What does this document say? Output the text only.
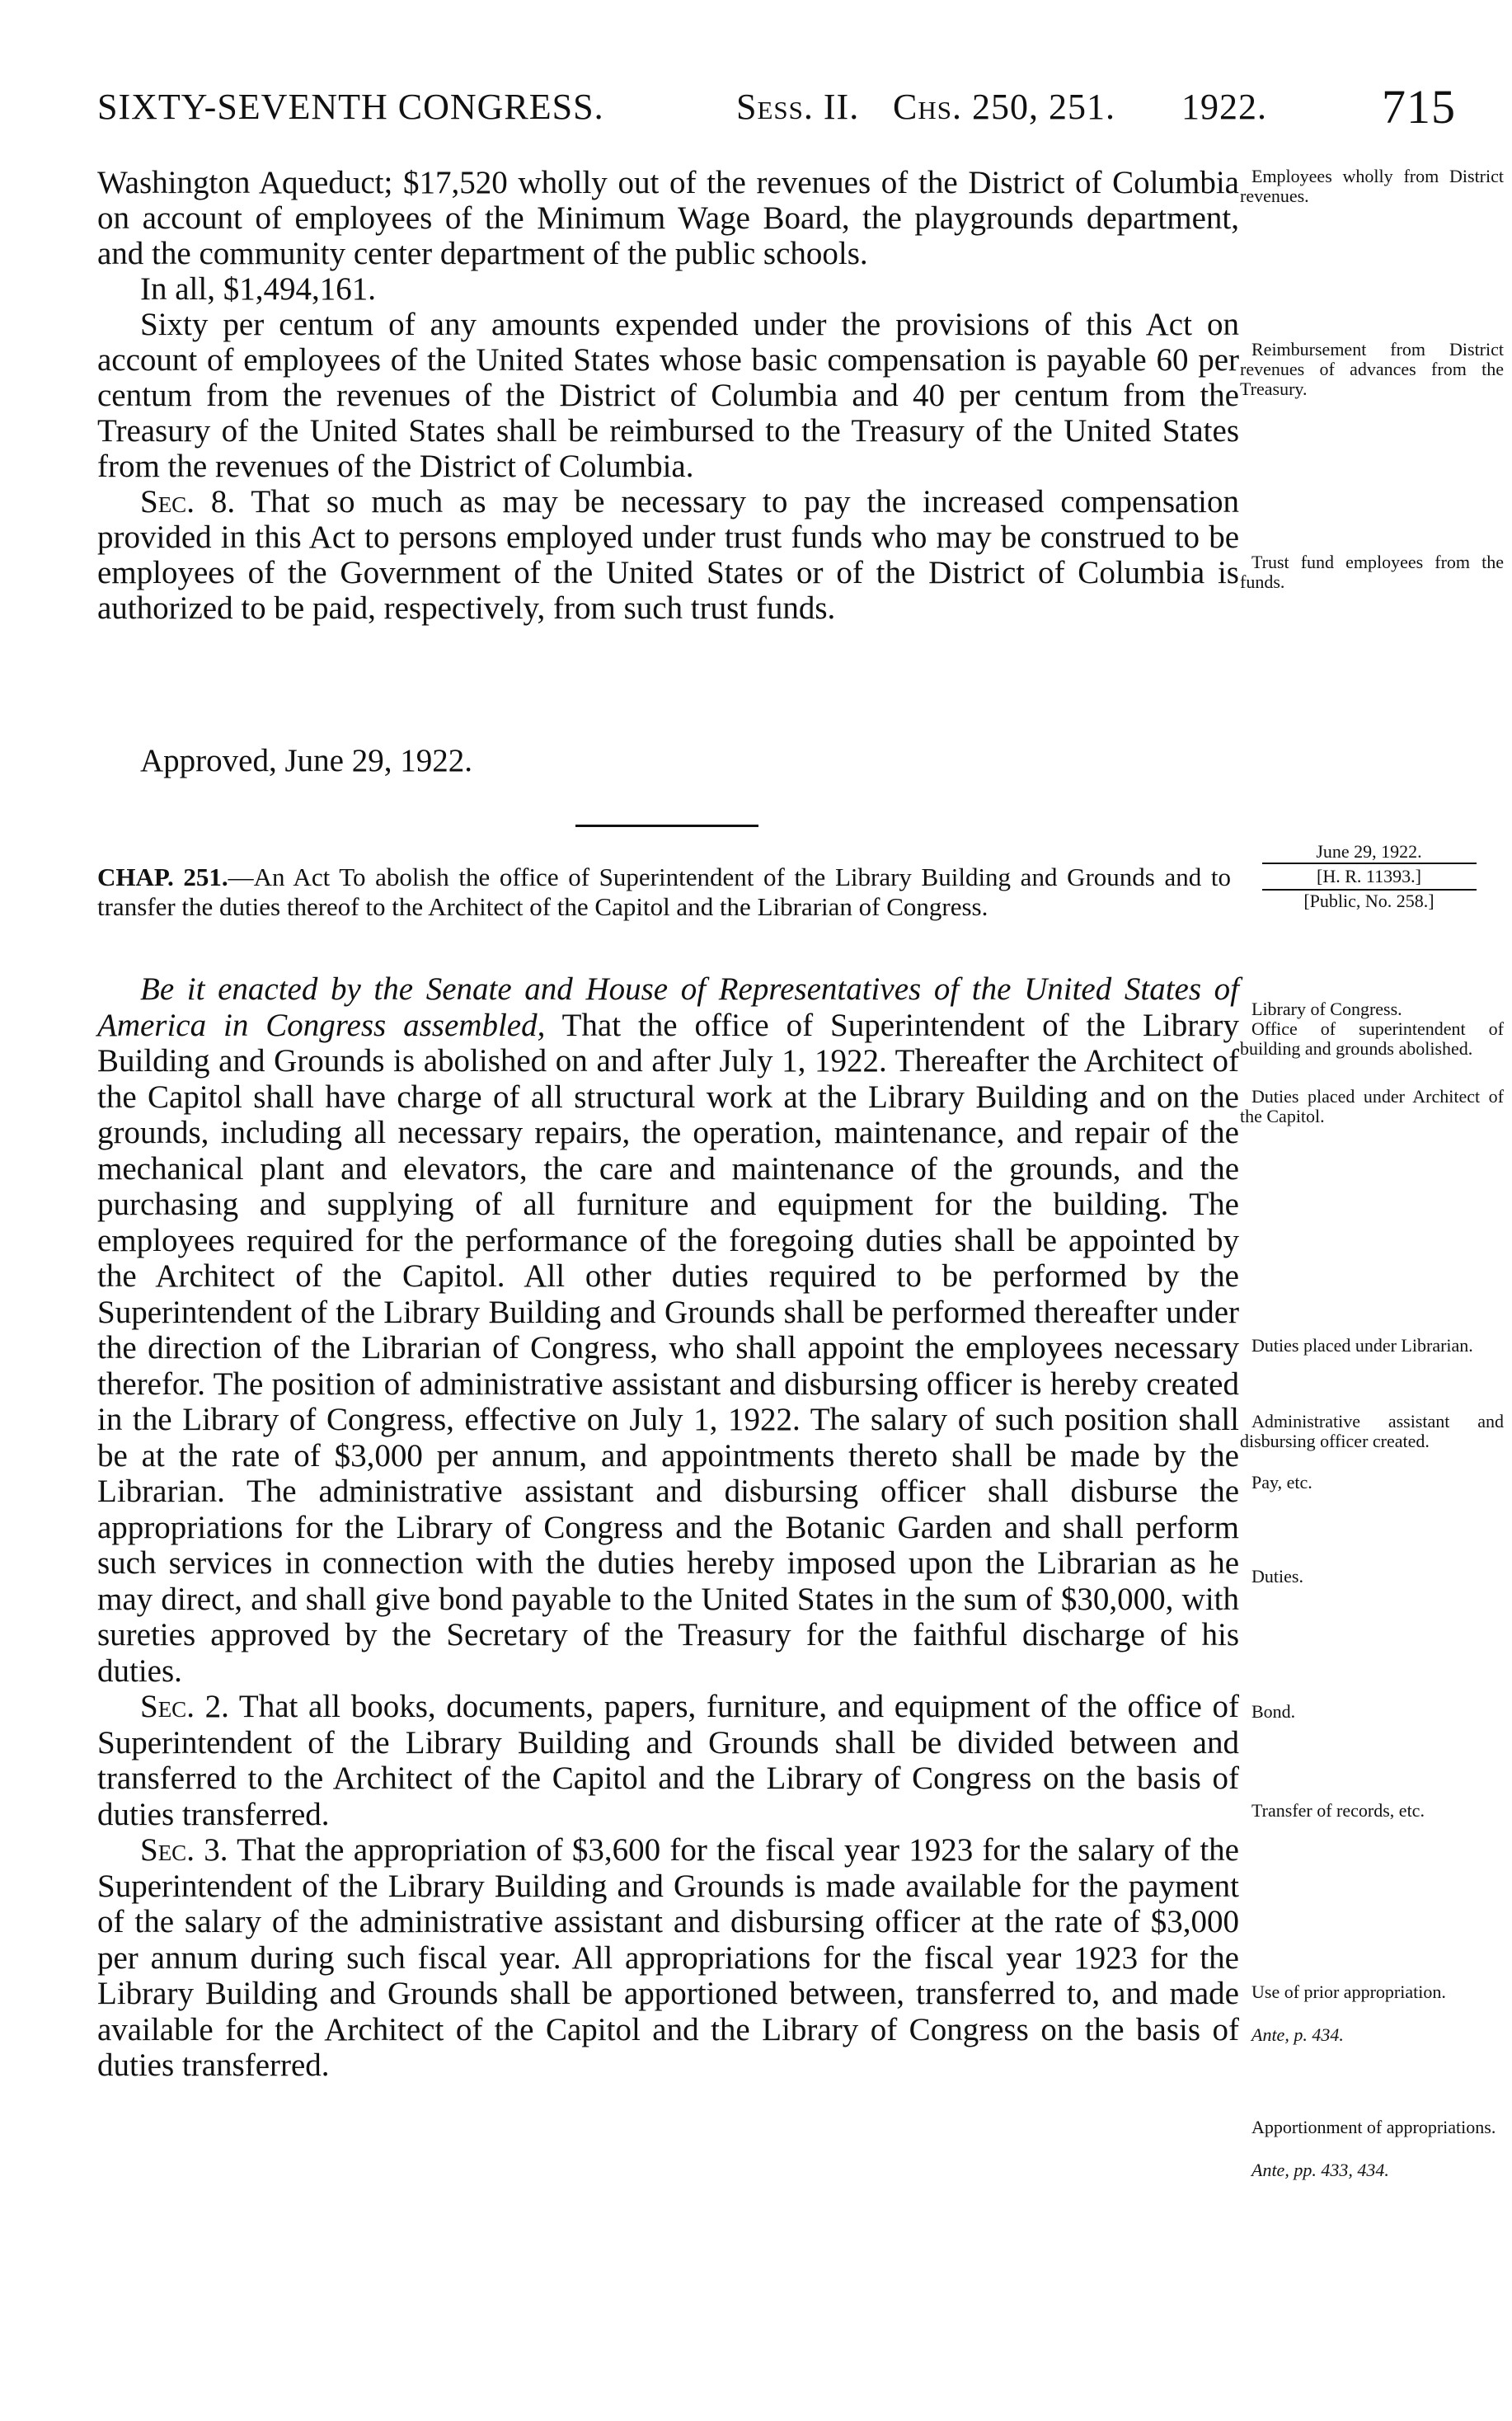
SIXTY-SEVENTH CONGRESS.	Sess. II. Chs. 250, 251. 1922. 715

Washington Aqueduct; $17,520 wholly out of the revenues of the District of Columbia on account of employees of the Minimum Wage Board, the playgrounds department, and the community center department of the public schools.

In all, $1,494,161.

Sixty per centum of any amounts expended under the provisions of this Act on account of employees of the United States whose basic compensation is payable 60 per centum from the revenues of the District of Columbia and 40 per centum from the Treasury of the United States shall be reimbursed to the Treasury of the United States from the revenues of the District of Columbia.

Sec. 8. That so much as may be necessary to pay the increased compensation provided in this Act to persons employed under trust funds who may be construed to be employees of the Government of the United States or of the District of Columbia is authorized to be paid, respectively, from such trust funds.

Approved, June 29, 1922.
June 29, 1922.
[H. R. 11393.]
[Public, No. 258.]
CHAP. 251.—An Act To abolish the office of Superintendent of the Library Building and Grounds and to transfer the duties thereof to the Architect of the Capitol and the Librarian of Congress.

Be it enacted by the Senate and House of Representatives of the United States of America in Congress assembled, That the office of Superintendent of the Library Building and Grounds is abolished on and after July 1, 1922. Thereafter the Architect of the Capitol shall have charge of all structural work at the Library Building and on the grounds, including all necessary repairs, the operation, maintenance, and repair of the mechanical plant and elevators, the care and maintenance of the grounds, and the purchasing and supplying of all furniture and equipment for the building. The employees required for the performance of the foregoing duties shall be appointed by the Architect of the Capitol. All other duties required to be performed by the Superintendent of the Library Building and Grounds shall be performed thereafter under the direction of the Librarian of Congress, who shall appoint the employees necessary therefor. The position of administrative assistant and disbursing officer is hereby created in the Library of Congress, effective on July 1, 1922. The salary of such position shall be at the rate of $3,000 per annum, and appointments thereto shall be made by the Librarian. The administrative assistant and disbursing officer shall disburse the appropriations for the Library of Congress and the Botanic Garden and shall perform such services in connection with the duties hereby imposed upon the Librarian as he may direct, and shall give bond payable to the United States in the sum of $30,000, with sureties approved by the Secretary of the Treasury for the faithful discharge of his duties.

Sec. 2. That all books, documents, papers, furniture, and equipment of the office of Superintendent of the Library Building and Grounds shall be divided between and transferred to the Architect of the Capitol and the Library of Congress on the basis of duties transferred.

Sec. 3. That the appropriation of $3,600 for the fiscal year 1923 for the salary of the Superintendent of the Library Building and Grounds is made available for the payment of the salary of the administrative assistant and disbursing officer at the rate of $3,000 per annum during such fiscal year. All appropriations for the fiscal year 1923 for the Library Building and Grounds shall be apportioned between, transferred to, and made available for the Architect of the Capitol and the Library of Congress on the basis of duties transferred.

Employees wholly from District revenues.

Reimbursement from District revenues of advances from the Treasury.

Trust fund employees from the funds.

Library of Congress.

Office of superintendent of building and grounds abolished.

Duties placed under Architect of the Capitol.

Duties placed under Librarian.

Administrative assistant and disbursing officer created.

Pay, etc.

Duties.

Bond.

Transfer of records, etc.

Use of prior appropriation.

Ante, p. 434.

Apportionment of appropriations.

Ante, pp. 433, 434.
